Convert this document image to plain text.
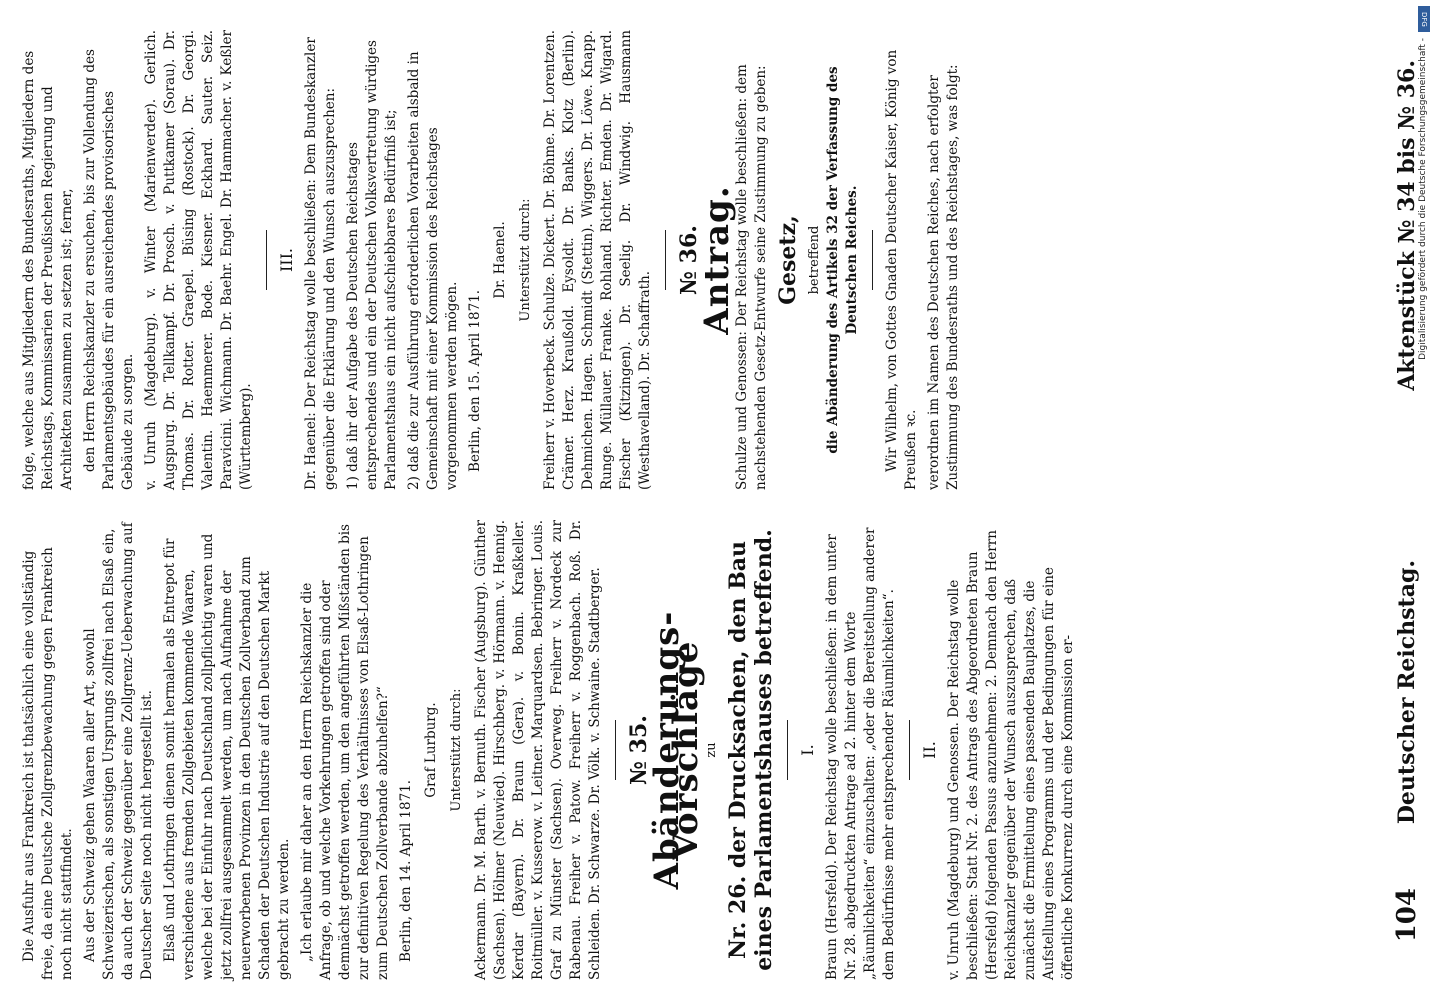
104
Deutscher Reichstag.
Aktenstück № 34 bis № 36.

Die Ausfuhr aus Frankreich ist thatsächlich eine vollständig freie, da eine Deutsche Zollgrenzbewachung gegen Frankreich noch nicht stattfindet. Aus der Schweiz gehen Waaren aller Art, sowohl Schweizerischen, als sonstigen Ursprungs zollfrei nach Elsaß ein, da auch der Schweiz gegenüber eine Zollgrenz-Ueberwachung auf Deutscher Seite noch nicht hergestellt ist. Elsaß und Lothringen dienen somit hermalen als Entrepot für verschiedene aus fremden Zollgebieten kommende Waaren, welche bei der Einfuhr nach Deutschland zollpflichtig waren und jetzt zollfrei ausgesammelt werden, um nach Aufnahme der neuerworbenen Provinzen in den Deutschen Zollverband zum Schaden der Deutschen Industrie auf den Deutschen Markt gebracht zu werden. „Ich erlaube mir daher an den Herrn Reichskanzler die Anfrage, ob und welche Vorkehrungen getroffen sind oder demnächst getroffen werden, um den angeführten Mißständen bis zur definitiven Regelung des Verhältnisses von Elsaß-Lothringen zum Deutschen Zollverbande abzuhelfen?“ Berlin, den 14. April 1871.

Graf Lurburg. Unterstützt durch: Ackermann. Dr. M. Barth. v. Bernuth. Fischer (Augsburg). Günther (Sachsen). Hölmer (Neuwied). Hirschberg. v. Hörmann. v. Hennig. Kerdar (Bayern). Dr. Braun (Gera). v. Bonin. Kraßkeller. Roitmüller. v. Kusserow. v. Leitner. Marquardsen. Bebringer. Louis. Graf zu Münster (Sachsen). Overweg. Freiherr v. Nordeck zur Rabenau. Freiher v. Patow. Freiherr v. Roggenbach. Roß. Dr. Schleiden. Dr. Schwarze. Dr. Völk. v. Schwaine. Stadtberger. № 35.
Abänderungs-Vorschläge
zu Nr. 26. der Drucksachen, den Bau eines Parlamentshauses betreffend. I. Braun (Hersfeld). Der Reichstag wolle beschließen: in dem unter Nr. 28. abgedruckten Antrage ad 2. hinter dem Worte „Räumlichkeiten“ einzuschalten: „oder die Bereitstellung anderer dem Bedürfnisse mehr entsprechender Räumlichkeiten“. II. v. Unruh (Magdeburg) und Genossen. Der Reichstag wolle beschließen: Statt Nr. 2. des Antrags des Abgeordneten Braun (Hersfeld) folgenden Passus anzunehmen: 2. Demnach den Herrn Reichskanzler gegenüber der Wunsch auszusprechen, daß zunächst die Ermittelung eines passenden Bauplatzes, die Aufstellung eines Programms und der Bedingungen für eine öffentliche Konkurrenz durch eine Kommission er-

folge, welche aus Mitgliedern des Bundesraths, Mitgliedern des Reichstags, Kommissarien der Preußischen Regierung und Architekten zusammen zu setzen ist; ferner, den Herrn Reichskanzler zu ersuchen, bis zur Vollendung des Parlamentsgebäudes für ein ausreichendes provisorisches Gebäude zu sorgen. v. Unruh (Magdeburg). v. Winter (Marienwerder). Gerlich. Augspurg. Dr. Tellkampf. Dr. Prosch. v. Puttkamer (Sorau). Dr. Thomas. Dr. Rotter. Graepel. Büsing (Rostock). Dr. Georgi. Valentin. Haemmerer. Bode. Kiesner. Eckhard. Sauter. Seiz. Paravicini. Wichmann. Dr. Baehr. Engel. Dr. Hammacher. v. Keßler (Württemberg).

III. Dr. Haenel: Der Reichstag wolle beschließen: Dem Bundeskanzler gegenüber die Erklärung und den Wunsch auszusprechen: 1) daß ihr der Aufgabe des Deutschen Reichstages entsprechendes und ein der Deutschen Volksvertretung würdiges Parlamentshaus ein nicht aufschiebbares Bedürfniß ist; 2) daß die zur Ausführung erforderlichen Vorarbeiten alsbald in Gemeinschaft mit einer Kommission des Reichstages vorgenommen werden mögen. Berlin, den 15. April 1871.

Dr. Haenel. Unterstützt durch: Freiherr v. Hoverbeck. Schulze. Dickert. Dr. Böhme. Dr. Lorentzen. Crämer. Herz. Kraußold. Eysoldt. Dr. Banks. Klotz (Berlin). Dehmichen. Hagen. Schmidt (Stettin). Wiggers. Dr. Löwe. Knapp. Runge. Müllauer. Franke. Rohland. Richter. Emden. Dr. Wigard. Fischer (Kitzingen). Dr. Seelig. Dr. Windwig. Hausmann (Westhavelland). Dr. Schaffrath.

№ 36.
Antrag.

Schulze und Genossen: Der Reichstag wolle beschließen: dem nachstehenden Gesetz-Entwurfe seine Zustimmung zu geben: Gesetz, betreffend die Abänderung des Artikels 32 der Verfassung des Deutschen Reiches. Wir Wilhelm, von Gottes Gnaden Deutscher Kaiser, König von Preußen ꝛc. verordnen im Namen des Deutschen Reiches, nach erfolgter Zustimmung des Bundesraths und des Reichstages, was folgt:	Digitalisierung gefördert durch die Deutsche Forschungsgemeinschaft -
DFG
